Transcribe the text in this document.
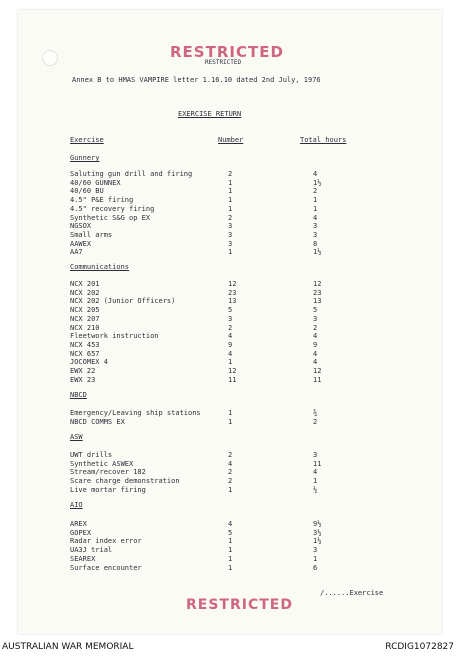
RESTRICTED
RESTRICTED
Annex B to HMAS VAMPIRE letter 1.16.10 dated 2nd July, 1976
EXERCISE RETURN
Exercise	Number	Total hours
Gunnery
Saluting gun drill and firing	2	4
40/60 GUNNEX	1	1½
40/60 BU	1	2
4.5" P&E firing	1	1
4.5" recovery firing	1	1
Synthetic S&G op EX	2	4
NGSOX	3	3
Small arms	3	3
AAWEX	3	8
AA7	1	1½
Communications
NCX 201	12	12
NCX 202	23	23
NCX 202 (Junior Officers)	13	13
NCX 205	5	5
NCX 207	3	3
NCX 210	2	2
Fleetwork instruction	4	4
NCX 453	9	9
NCX 657	4	4
JOCOMEX 4	1	4
EWX 22	12	12
EWX 23	11	11
NBCD
Emergency/Leaving ship stations	1	¾
NBCD COMMS EX	1	2
ASW
UWT drills	2	3
Synthetic ASWEX	4	11
Stream/recover 182	2	4
Scare charge demonstration	2	1
Live mortar firing	1	½
AIO
AREX	4	9½
GOPEX	5	3½
Radar index error	1	1½
UA3J trial	1	3
SEAREX	1	1
Surface encounter	1	6
/......Exercise
RESTRICTED
AUSTRALIAN WAR MEMORIAL	RCDIG1072827
